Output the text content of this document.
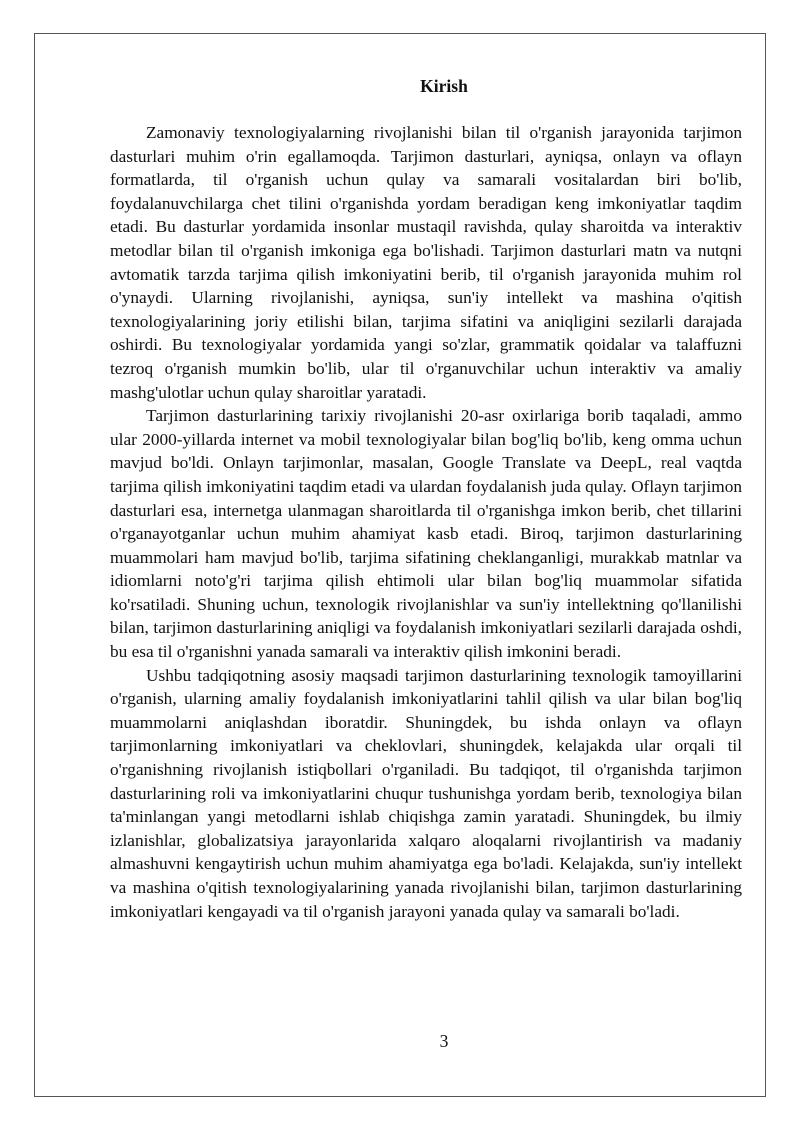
Kirish

Zamonaviy texnologiyalarning rivojlanishi bilan til o'rganish jarayonida tarjimon dasturlari muhim o'rin egallamoqda. Tarjimon dasturlari, ayniqsa, onlayn va oflayn formatlarda, til o'rganish uchun qulay va samarali vositalardan biri bo'lib, foydalanuvchilarga chet tilini o'rganishda yordam beradigan keng imkoniyatlar taqdim etadi. Bu dasturlar yordamida insonlar mustaqil ravishda, qulay sharoitda va interaktiv metodlar bilan til o'rganish imkoniga ega bo'lishadi. Tarjimon dasturlari matn va nutqni avtomatik tarzda tarjima qilish imkoniyatini berib, til o'rganish jarayonida muhim rol o'ynaydi. Ularning rivojlanishi, ayniqsa, sun'iy intellekt va mashina o'qitish texnologiyalarining joriy etilishi bilan, tarjima sifatini va aniqligini sezilarli darajada oshirdi. Bu texnologiyalar yordamida yangi so'zlar, grammatik qoidalar va talaffuzni tezroq o'rganish mumkin bo'lib, ular til o'rganuvchilar uchun interaktiv va amaliy mashg'ulotlar uchun qulay sharoitlar yaratadi.

Tarjimon dasturlarining tarixiy rivojlanishi 20-asr oxirlariga borib taqaladi, ammo ular 2000-yillarda internet va mobil texnologiyalar bilan bog'liq bo'lib, keng omma uchun mavjud bo'ldi. Onlayn tarjimonlar, masalan, Google Translate va DeepL, real vaqtda tarjima qilish imkoniyatini taqdim etadi va ulardan foydalanish juda qulay. Oflayn tarjimon dasturlari esa, internetga ulanmagan sharoitlarda til o'rganishga imkon berib, chet tillarini o'rganayotganlar uchun muhim ahamiyat kasb etadi. Biroq, tarjimon dasturlarining muammolari ham mavjud bo'lib, tarjima sifatining cheklanganligi, murakkab matnlar va idiomlarni noto'g'ri tarjima qilish ehtimoli ular bilan bog'liq muammolar sifatida ko'rsatiladi. Shuning uchun, texnologik rivojlanishlar va sun'iy intellektning qo'llanilishi bilan, tarjimon dasturlarining aniqligi va foydalanish imkoniyatlari sezilarli darajada oshdi, bu esa til o'rganishni yanada samarali va interaktiv qilish imkonini beradi.

Ushbu tadqiqotning asosiy maqsadi tarjimon dasturlarining texnologik tamoyillarini o'rganish, ularning amaliy foydalanish imkoniyatlarini tahlil qilish va ular bilan bog'liq muammolarni aniqlashdan iboratdir. Shuningdek, bu ishda onlayn va oflayn tarjimonlarning imkoniyatlari va cheklovlari, shuningdek, kelajakda ular orqali til o'rganishning rivojlanish istiqbollari o'rganiladi. Bu tadqiqot, til o'rganishda tarjimon dasturlarining roli va imkoniyatlarini chuqur tushunishga yordam berib, texnologiya bilan ta'minlangan yangi metodlarni ishlab chiqishga zamin yaratadi. Shuningdek, bu ilmiy izlanishlar, globalizatsiya jarayonlarida xalqaro aloqalarni rivojlantirish va madaniy almashuvni kengaytirish uchun muhim ahamiyatga ega bo'ladi. Kelajakda, sun'iy intellekt va mashina o'qitish texnologiyalarining yanada rivojlanishi bilan, tarjimon dasturlarining imkoniyatlari kengayadi va til o'rganish jarayoni yanada qulay va samarali bo'ladi.

3
